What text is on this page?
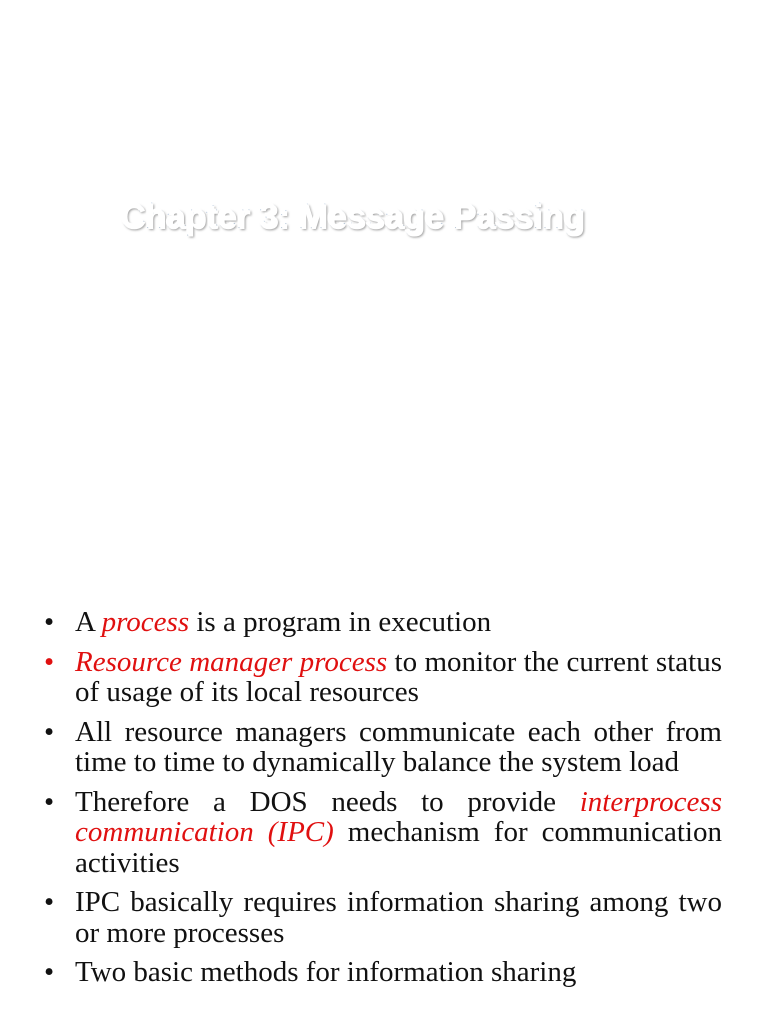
Chapter 3: Message Passing
• A process is a program in execution
• Resource manager process to monitor the current status of usage of its local resources
• All resource managers communicate each other from time to time to dynamically balance the system load
• Therefore a DOS needs to provide interprocess communication (IPC) mechanism for communication activities
• IPC basically requires information sharing among two or more processes
• Two basic methods for information sharing
